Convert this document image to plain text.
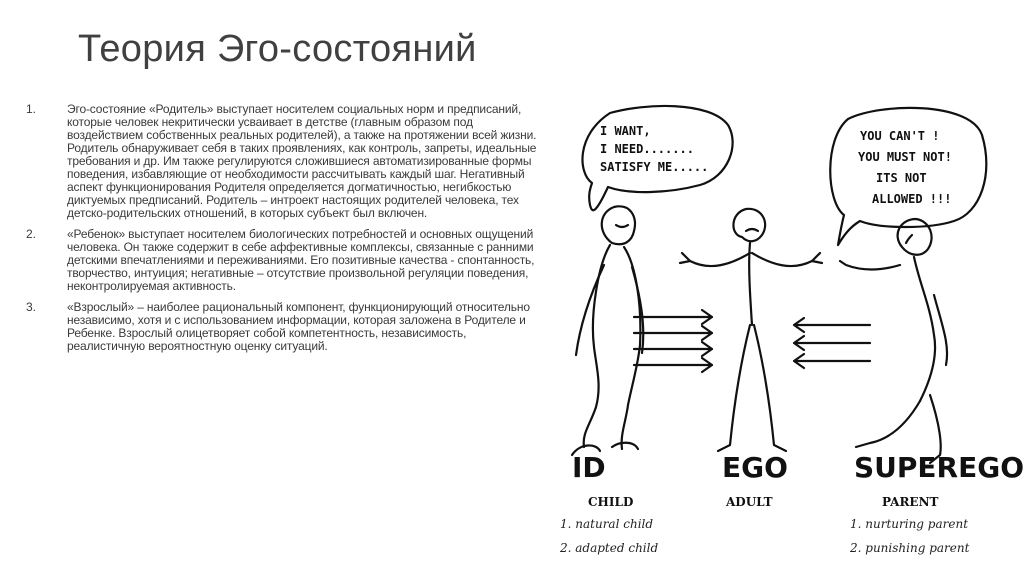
Теория Эго-состояний
1.	Эго-состояние «Родитель» выступает носителем социальных норм и предписаний, которые человек некритически усваивает в детстве (главным образом под воздействием собственных реальных родителей), а также на протяжении всей жизни. Родитель обнаруживает себя в таких проявлениях, как контроль, запреты, идеальные требования и др. Им также регулируются сложившиеся автоматизированные формы поведения, избавляющие от необходимости рассчитывать каждый шаг. Негативный аспект функционирования Родителя определяется догматичностью, негибкостью диктуемых предписаний. Родитель – интроект настоящих родителей человека, тех детско-родительских отношений, в которых субъект был включен.
2.	«Ребенок» выступает носителем биологических потребностей и основных ощущений человека. Он также содержит в себе аффективные комплексы, связанные с ранними детскими впечатлениями и переживаниями. Его позитивные качества - спонтанность, творчество, интуиция; негативные – отсутствие произвольной регуляции поведения, неконтролируемая активность.
3.	«Взрослый» – наиболее рациональный компонент, функционирующий относительно независимо, хотя и с использованием информации, которая заложена в Родителе и Ребенке. Взрослый олицетворяет собой компетентность, независимость, реалистичную вероятностную оценку ситуаций.
I WANT,
I NEED.......
SATISFY ME.....
YOU CAN'T !
YOU MUST NOT!
ITS NOT
ALLOWED !!!
ID	EGO SUPEREGO
CHILD	ADULT	PARENT
1. natural child
2. adapted child
1. nurturing parent
2. punishing parent
